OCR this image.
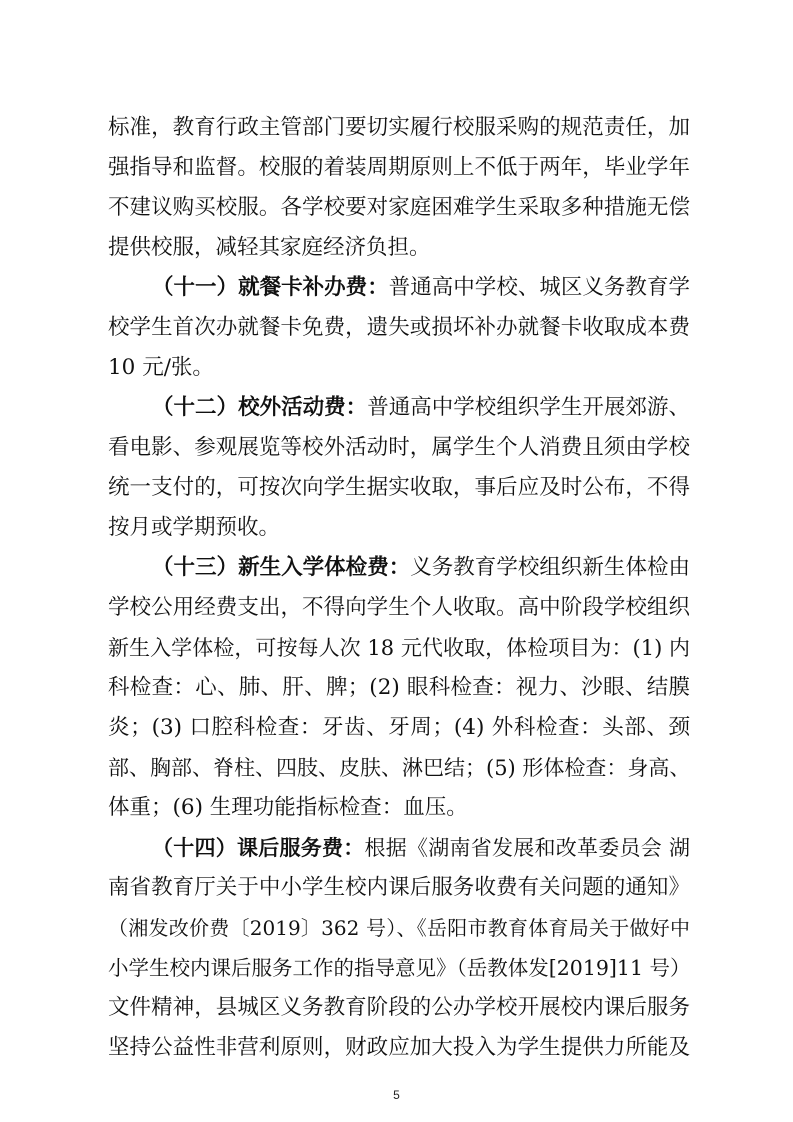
标准，教育行政主管部门要切实履行校服采购的规范责任，加
强指导和监督。校服的着装周期原则上不低于两年，毕业学年
不建议购买校服。各学校要对家庭困难学生采取多种措施无偿
提供校服，减轻其家庭经济负担。
（十一）就餐卡补办费：普通高中学校、城区义务教育学
校学生首次办就餐卡免费，遗失或损坏补办就餐卡收取成本费
10 元/张。
（十二）校外活动费：普通高中学校组织学生开展郊游、
看电影、参观展览等校外活动时，属学生个人消费且须由学校
统一支付的，可按次向学生据实收取，事后应及时公布，不得
按月或学期预收。
（十三）新生入学体检费：义务教育学校组织新生体检由
学校公用经费支出，不得向学生个人收取。高中阶段学校组织
新生入学体检，可按每人次 18 元代收取，体检项目为：(1) 内
科检查：心、肺、肝、脾；(2) 眼科检查：视力、沙眼、结膜
炎；(3) 口腔科检查：牙齿、牙周；(4) 外科检查：头部、颈
部、胸部、脊柱、四肢、皮肤、淋巴结；(5) 形体检查：身高、
体重；(6) 生理功能指标检查：血压。
（十四）课后服务费：根据《湖南省发展和改革委员会 湖
南省教育厅关于中小学生校内课后服务收费有关问题的通知》
（湘发改价费〔2019〕362 号）、《岳阳市教育体育局关于做好中
小学生校内课后服务工作的指导意见》（岳教体发[2019]11 号）
文件精神，县城区义务教育阶段的公办学校开展校内课后服务
坚持公益性非营利原则，财政应加大投入为学生提供力所能及
5
